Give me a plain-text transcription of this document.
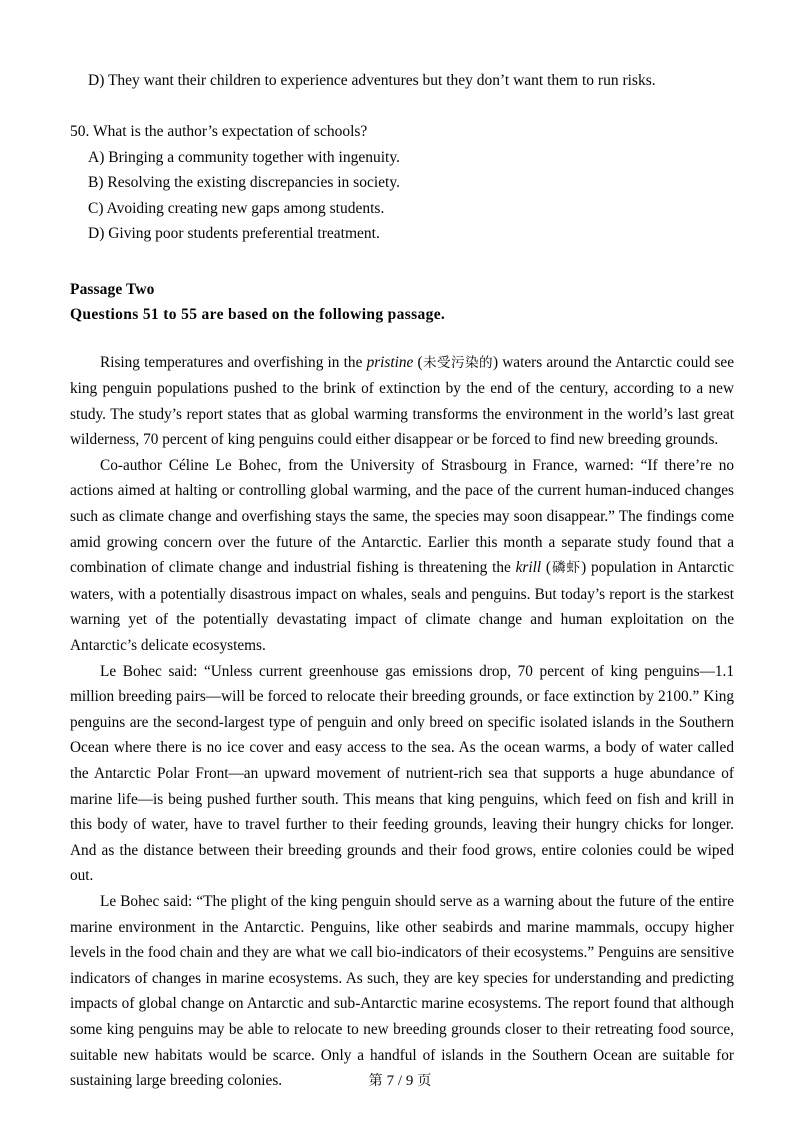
D) They want their children to experience adventures but they don’t want them to run risks.

50. What is the author’s expectation of schools?

A) Bringing a community together with ingenuity.

B) Resolving the existing discrepancies in society.

C) Avoiding creating new gaps among students.

D) Giving poor students preferential treatment.

Passage Two

Questions 51 to 55 are based on the following passage.

Rising temperatures and overfishing in the pristine (未受污染的) waters around the Antarctic could see king penguin populations pushed to the brink of extinction by the end of the century, according to a new study. The study’s report states that as global warming transforms the environment in the world’s last great wilderness, 70 percent of king penguins could either disappear or be forced to find new breeding grounds.

Co-author Céline Le Bohec, from the University of Strasbourg in France, warned: “If there’re no actions aimed at halting or controlling global warming, and the pace of the current human-induced changes such as climate change and overfishing stays the same, the species may soon disappear.” The findings come amid growing concern over the future of the Antarctic. Earlier this month a separate study found that a combination of climate change and industrial fishing is threatening the krill (磷虾) population in Antarctic waters, with a potentially disastrous impact on whales, seals and penguins. But today’s report is the starkest warning yet of the potentially devastating impact of climate change and human exploitation on the Antarctic’s delicate ecosystems.

Le Bohec said: “Unless current greenhouse gas emissions drop, 70 percent of king penguins—1.1 million breeding pairs—will be forced to relocate their breeding grounds, or face extinction by 2100.” King penguins are the second-largest type of penguin and only breed on specific isolated islands in the Southern Ocean where there is no ice cover and easy access to the sea. As the ocean warms, a body of water called the Antarctic Polar Front—an upward movement of nutrient-rich sea that supports a huge abundance of marine life—is being pushed further south. This means that king penguins, which feed on fish and krill in this body of water, have to travel further to their feeding grounds, leaving their hungry chicks for longer. And as the distance between their breeding grounds and their food grows, entire colonies could be wiped out.

Le Bohec said: “The plight of the king penguin should serve as a warning about the future of the entire marine environment in the Antarctic. Penguins, like other seabirds and marine mammals, occupy higher levels in the food chain and they are what we call bio-indicators of their ecosystems.” Penguins are sensitive indicators of changes in marine ecosystems. As such, they are key species for understanding and predicting impacts of global change on Antarctic and sub-Antarctic marine ecosystems. The report found that although some king penguins may be able to relocate to new breeding grounds closer to their retreating food source, suitable new habitats would be scarce. Only a handful of islands in the Southern Ocean are suitable for sustaining large breeding colonies.	第 7 / 9 页
